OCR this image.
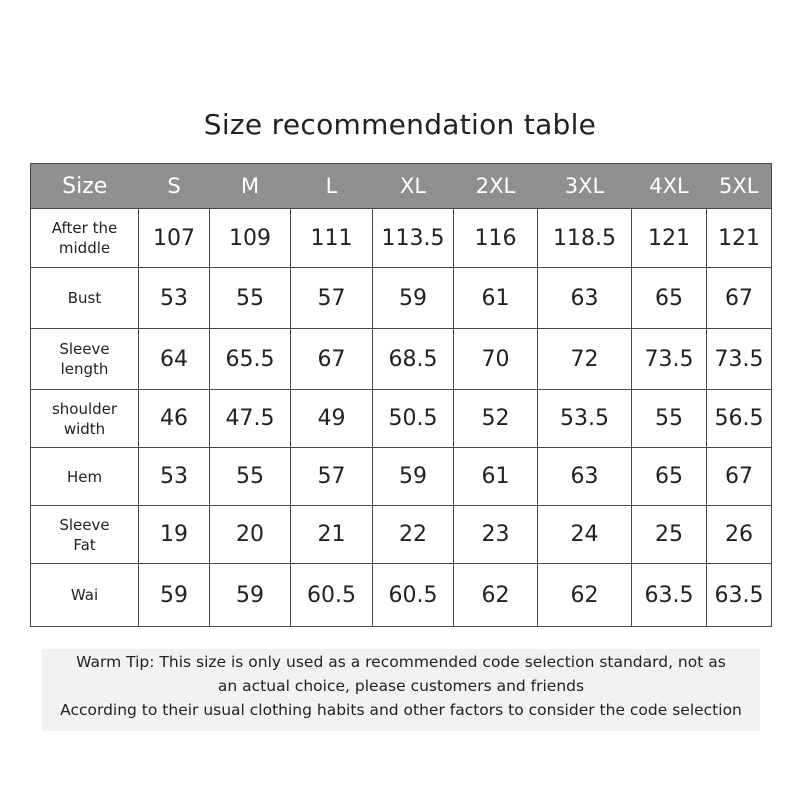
Size recommendation table
Size	S	M	L	XL	2XL	3XL	4XL	5XL

After the
middle	107	109	111	113.5	116	118.5	121	121

Bust	53	55	57	59	61	63	65	67

Sleeve
length	64	65.5	67	68.5	70	72	73.5	73.5

shoulder
width	46	47.5	49	50.5	52	53.5	55	56.5

Hem	53	55	57	59	61	63	65	67

Sleeve
Fat	19	20	21	22	23	24	25	26

Wai	59	59	60.5	60.5	62	62	63.5	63.5
Warm Tip: This size is only used as a recommended code selection standard, not as
an actual choice, please customers and friends
According to their usual clothing habits and other factors to consider the code selection
